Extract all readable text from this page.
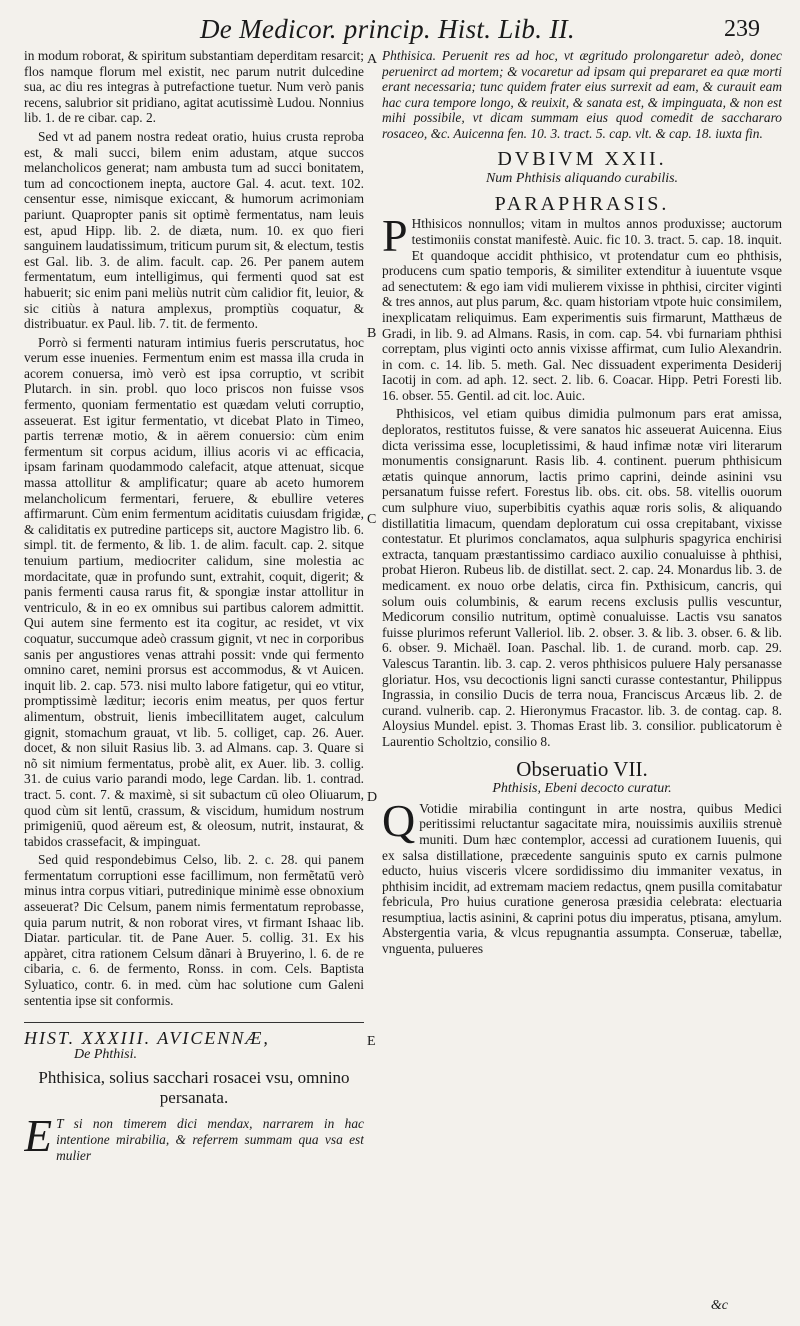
De Medicor. princip. Hist. Lib. II.	239
A
B
C
D
E

in modum roborat, & spiritum substantiam deperditam resarcit; flos namque florum mel existit, nec parum nutrit dulcedine sua, ac diu res integras à putrefactione tuetur. Num verò panis recens, salubrior sit pridiano, agitat acutissimè Ludou. Nonnius lib. 1. de re cibar. cap. 2.

Sed vt ad panem nostra redeat oratio, huius crusta reproba est, & mali succi, bilem enim adustam, atque succos melancholicos generat; nam ambusta tum ad succi bonitatem, tum ad concoctionem inepta, auctore Gal. 4. acut. text. 102. censentur esse, nimisque exiccant, & humorum acrimoniam pariunt. Quapropter panis sit optimè fermentatus, nam leuis est, apud Hipp. lib. 2. de diæta, num. 10. ex quo fieri sanguinem laudatissimum, triticum purum sit, & electum, testis est Gal. lib. 3. de alim. facult. cap. 26. Per panem autem fermentatum, eum intelligimus, qui fermenti quod sat est habuerit; sic enim pani meliùs nutrit cùm calidior fit, leuior, & sic citiùs à natura amplexus, promptiùs coquatur, & distribuatur. ex Paul. lib. 7. tit. de fermento.

Porrò si fermenti naturam intimius fueris perscrutatus, hoc verum esse inuenies. Fermentum enim est massa illa cruda in acorem conuersa, imò verò est ipsa corruptio, vt scribit Plutarch. in sin. probl. quo loco priscos non fuisse vsos fermento, quoniam fermentatio est quædam veluti corruptio, asseuerat. Est igitur fermentatio, vt dicebat Plato in Timeo, partis terrenæ motio, & in aërem conuersio: cùm enim fermentum sit corpus acidum, illius acoris vi ac efficacia, ipsam farinam quodammodo calefacit, atque attenuat, sicque massa attollitur & amplificatur; quare ab aceto humorem melancholicum fermentari, feruere, & ebullire veteres affirmarunt. Cùm enim fermentum aciditatis cuiusdam frigidæ, & caliditatis ex putredine particeps sit, auctore Magistro lib. 6. simpl. tit. de fermento, & lib. 1. de alim. facult. cap. 2. sitque tenuium partium, mediocriter calidum, sine molestia ac mordacitate, quæ in profundo sunt, extrahit, coquit, digerit; & panis fermenti causa rarus fit, & spongiæ instar attollitur in ventriculo, & in eo ex omnibus sui partibus calorem admittit. Qui autem sine fermento est ita cogitur, ac residet, vt vix coquatur, succumque adeò crassum gignit, vt nec in corporibus sanis per angustiores venas attrahi possit: vnde qui fermento omnino caret, nemini prorsus est accommodus, & vt Auicen. inquit lib. 2. cap. 573. nisi multo labore fatigetur, qui eo vtitur, promptissimè læditur; iecoris enim meatus, per quos fertur alimentum, obstruit, lienis imbecillitatem auget, calculum gignit, stomachum grauat, vt lib. 5. colliget, cap. 26. Auer. docet, & non siluit Rasius lib. 3. ad Almans. cap. 3. Quare si nõ sit nimium fermentatus, probè alit, ex Auer. lib. 3. collig. 31. de cuius vario parandi modo, lege Cardan. lib. 1. contrad. tract. 5. cont. 7. & maximè, si sit subactum cū oleo Oliuarum, quod cùm sit lentū, crassum, & viscidum, humidum nostrum primigeniū, quod aëreum est, & oleosum, nutrit, instaurat, & tabidos crassefacit, & impinguat.

Sed quid respondebimus Celso, lib. 2. c. 28. qui panem fermentatum corruptioni esse facillimum, non fermẽtatū verò minus intra corpus vitiari, putredinique minimè esse obnoxium asseuerat? Dic Celsum, panem nimis fermentatum reprobasse, quia parum nutrit, & non roborat vires, vt firmant Ishaac lib. Diatar. particular. tit. de Pane Auer. 5. collig. 31. Ex his appàret, citra rationem Celsum dãnari à Bruyerino, l. 6. de re cibaria, c. 6. de fermento, Ronss. in com. Cels. Baptista Syluatico, contr. 6. in med. cùm hac solutione cum Galeni sententia ipse sit conformis.

HIST. XXXIII. AVICENNÆ,
De Phthisi.
Phthisica, solius sacchari rosacei vsu, omnino persanata.

E T si non timerem dici mendax, narrarem in hac intentione mirabilia, & referrem summam qua vsa est mulier

Phthisica. Peruenit res ad hoc, vt ægritudo prolongaretur adeò, donec peruenirct ad mortem; & vocaretur ad ipsam qui prepararet ea quæ morti erant necessaria; tunc quidem frater eius surrexit ad eam, & curauit eam hac cura tempore longo, & reuixit, & sanata est, & impinguata, & non est mihi possibile, vt dicam summam eius quod comedit de sacchararo rosaceo, &c. Auicenna fen. 10. 3. tract. 5. cap. vlt. & cap. 18. iuxta fin.

DVBIVM XXII.
Num Phthisis aliquando curabilis.
PARAPHRASIS.

P Hthisicos nonnullos; vitam in multos annos produxisse; auctorum testimoniis constat manifestè. Auic. fic 10. 3. tract. 5. cap. 18. inquit. Et quandoque accidit phthisico, vt protendatur cum eo phthisis, producens cum spatio temporis, & similiter extenditur à iuuentute vsque ad senectutem: & ego iam vidi mulierem vixisse in phthisi, circiter viginti & tres annos, aut plus parum, &c. quam historiam vtpote huic consimilem, inexplicatam reliquimus. Eam experimentis suis firmarunt, Matthæus de Gradi, in lib. 9. ad Almans. Rasis, in com. cap. 54. vbi furnariam phthisi correptam, plus viginti octo annis vixisse affirmat, cum Iulio Alexandrin. in com. c. 14. lib. 5. meth. Gal. Nec dissuadent experimenta Desiderij Iacotij in com. ad aph. 12. sect. 2. lib. 6. Coacar. Hipp. Petri Foresti lib. 16. obser. 55. Gentil. ad cit. loc. Auic.

Phthisicos, vel etiam quibus dimidia pulmonum pars erat amissa, deploratos, restitutos fuisse, & vere sanatos hic asseuerat Auicenna. Eius dicta verissima esse, locupletissimi, & haud infimæ notæ viri literarum monumentis consignarunt. Rasis lib. 4. continent. puerum phthisicum ætatis quinque annorum, lactis primo caprini, deinde asinini vsu persanatum fuisse refert. Forestus lib. obs. cit. obs. 58. vitellis ouorum cum sulphure viuo, superbibitis cyathis aquæ roris solis, & aliquando distillatitia limacum, quendam deploratum cui ossa crepitabant, vixisse contestatur. Et plurimos conclamatos, aqua sulphuris spagyrica enchirisi extracta, tanquam præstantissimo cardiaco auxilio conualuisse à phthisi, probat Hieron. Rubeus lib. de distillat. sect. 2. cap. 24. Monardus lib. 3. de medicament. ex nouo orbe delatis, circa fin. Pxthisicum, cancris, qui solum ouis columbinis, & earum recens exclusis pullis vescuntur, Medicorum consilio nutritum, optimè conualuisse. Lactis vsu sanatos fuisse plurimos referunt Valleriol. lib. 2. obser. 3. & lib. 3. obser. 6. & lib. 6. obser. 9. Michaël. Ioan. Paschal. lib. 1. de curand. morb. cap. 29. Valescus Tarantin. lib. 3. cap. 2. veros phthisicos puluere Haly persanasse gloriatur. Hos, vsu decoctionis ligni sancti curasse contestantur, Philippus Ingrassia, in consilio Ducis de terra noua, Franciscus Arcæus lib. 2. de curand. vulnerib. cap. 2. Hieronymus Fracastor. lib. 3. de contag. cap. 8. Aloysius Mundel. epist. 3. Thomas Erast lib. 3. consilior. publicatorum è Laurentio Scholtzio, consilio 8.

Obseruatio VII.
Phthisis, Ebeni decocto curatur.

Q Votidie mirabilia contingunt in arte nostra, quibus Medici peritissimi reluctantur sagacitate mira, nouissimis auxiliis strenuè muniti. Dum hæc contemplor, accessi ad curationem Iuuenis, qui ex salsa distillatione, præcedente sanguinis sputo ex carnis pulmone educto, huius visceris vlcere sordidissimo diu immaniter vexatus, in phthisim incidit, ad extremam maciem redactus, qnem pusilla comitabatur febricula, Pro huius curatione generosa præsidia celebrata: electuaria resumptiua, lactis asinini, & caprini potus diu imperatus, ptisana, amylum. Abstergentia varia, & vlcus repugnantia assumpta. Conseruæ, tabellæ, vnguenta, pulueres

&c
